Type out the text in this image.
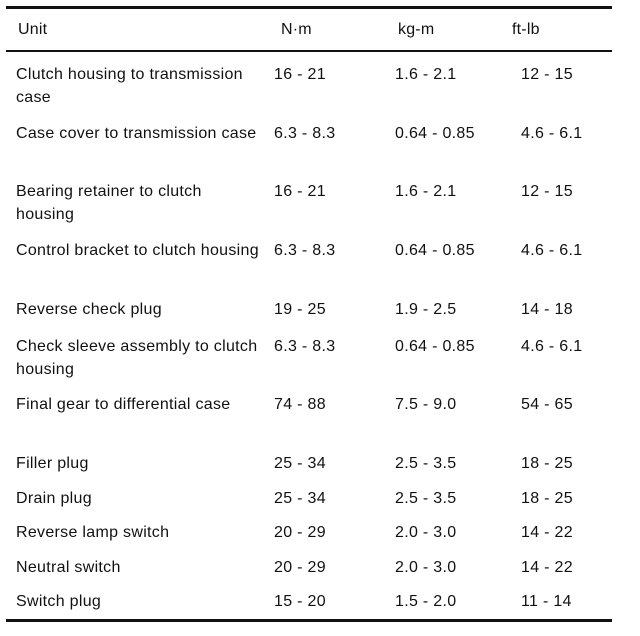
Unit	N·m	kg-m	ft-lb
Clutch housing to transmission case
16 - 21	1.6 - 2.1	12 - 15
Case cover to transmission case 6.3 - 8.3	0.64 - 0.85	4.6 - 6.1
Bearing retainer to clutch housing
16 - 21	1.6 - 2.1	12 - 15
Control bracket to clutch housing 6.3 - 8.3	0.64 - 0.85	4.6 - 6.1
Reverse check plug	19 - 25	1.9 - 2.5	14 - 18
Check sleeve assembly to clutch housing
6.3 - 8.3	0.64 - 0.85	4.6 - 6.1
Final gear to differential case	74 - 88	7.5 - 9.0	54 - 65
Filler plug	25 - 34	2.5 - 3.5	18 - 25
Drain plug	25 - 34	2.5 - 3.5	18 - 25
Reverse lamp switch	20 - 29	2.0 - 3.0	14 - 22
Neutral switch	20 - 29	2.0 - 3.0	14 - 22
Switch plug	15 - 20	1.5 - 2.0	11 - 14
